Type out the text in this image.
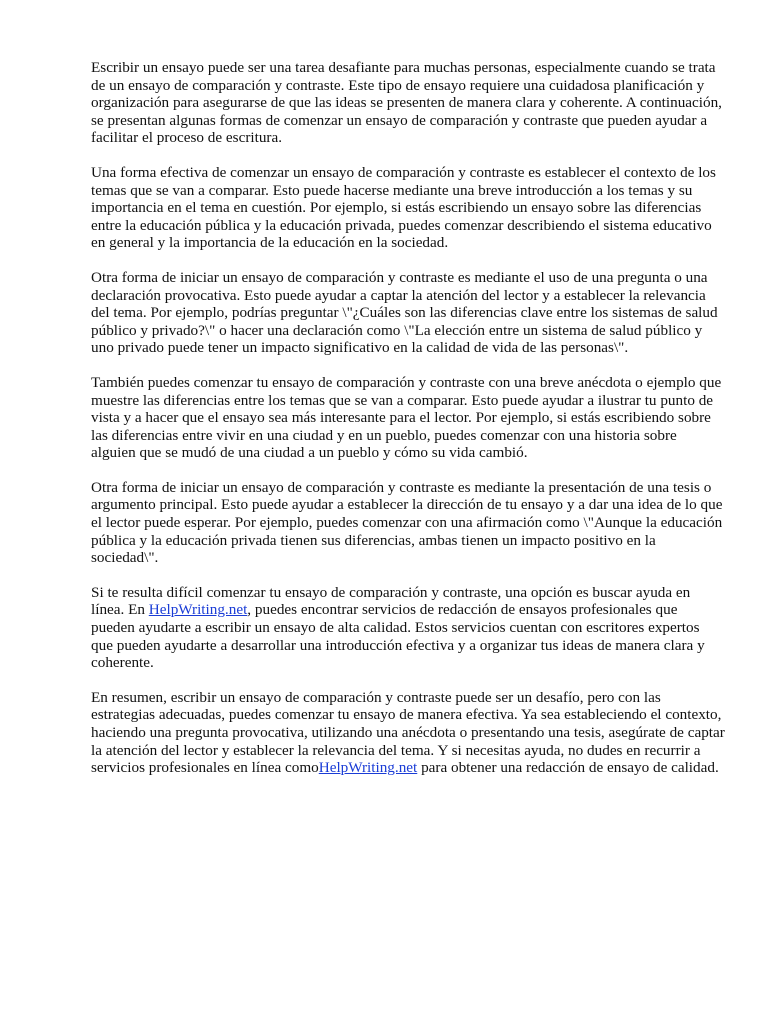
Escribir un ensayo puede ser una tarea desafiante para muchas personas, especialmente cuando se trata de un ensayo de comparación y contraste. Este tipo de ensayo requiere una cuidadosa planificación y organización para asegurarse de que las ideas se presenten de manera clara y coherente. A continuación, se presentan algunas formas de comenzar un ensayo de comparación y contraste que pueden ayudar a facilitar el proceso de escritura.

Una forma efectiva de comenzar un ensayo de comparación y contraste es establecer el contexto de los temas que se van a comparar. Esto puede hacerse mediante una breve introducción a los temas y su importancia en el tema en cuestión. Por ejemplo, si estás escribiendo un ensayo sobre las diferencias entre la educación pública y la educación privada, puedes comenzar describiendo el sistema educativo en general y la importancia de la educación en la sociedad.

Otra forma de iniciar un ensayo de comparación y contraste es mediante el uso de una pregunta o una declaración provocativa. Esto puede ayudar a captar la atención del lector y a establecer la relevancia del tema. Por ejemplo, podrías preguntar \"¿Cuáles son las diferencias clave entre los sistemas de salud público y privado?\" o hacer una declaración como \"La elección entre un sistema de salud público y uno privado puede tener un impacto significativo en la calidad de vida de las personas\".

También puedes comenzar tu ensayo de comparación y contraste con una breve anécdota o ejemplo que muestre las diferencias entre los temas que se van a comparar. Esto puede ayudar a ilustrar tu punto de vista y a hacer que el ensayo sea más interesante para el lector. Por ejemplo, si estás escribiendo sobre las diferencias entre vivir en una ciudad y en un pueblo, puedes comenzar con una historia sobre alguien que se mudó de una ciudad a un pueblo y cómo su vida cambió.

Otra forma de iniciar un ensayo de comparación y contraste es mediante la presentación de una tesis o argumento principal. Esto puede ayudar a establecer la dirección de tu ensayo y a dar una idea de lo que el lector puede esperar. Por ejemplo, puedes comenzar con una afirmación como \"Aunque la educación pública y la educación privada tienen sus diferencias, ambas tienen un impacto positivo en la sociedad\".

Si te resulta difícil comenzar tu ensayo de comparación y contraste, una opción es buscar ayuda en línea. En HelpWriting.net, puedes encontrar servicios de redacción de ensayos profesionales que pueden ayudarte a escribir un ensayo de alta calidad. Estos servicios cuentan con escritores expertos que pueden ayudarte a desarrollar una introducción efectiva y a organizar tus ideas de manera clara y coherente.

En resumen, escribir un ensayo de comparación y contraste puede ser un desafío, pero con las estrategias adecuadas, puedes comenzar tu ensayo de manera efectiva. Ya sea estableciendo el contexto, haciendo una pregunta provocativa, utilizando una anécdota o presentando una tesis, asegúrate de captar la atención del lector y establecer la relevancia del tema. Y si necesitas ayuda, no dudes en recurrir a servicios profesionales en línea comoHelpWriting.net para obtener una redacción de ensayo de calidad.
